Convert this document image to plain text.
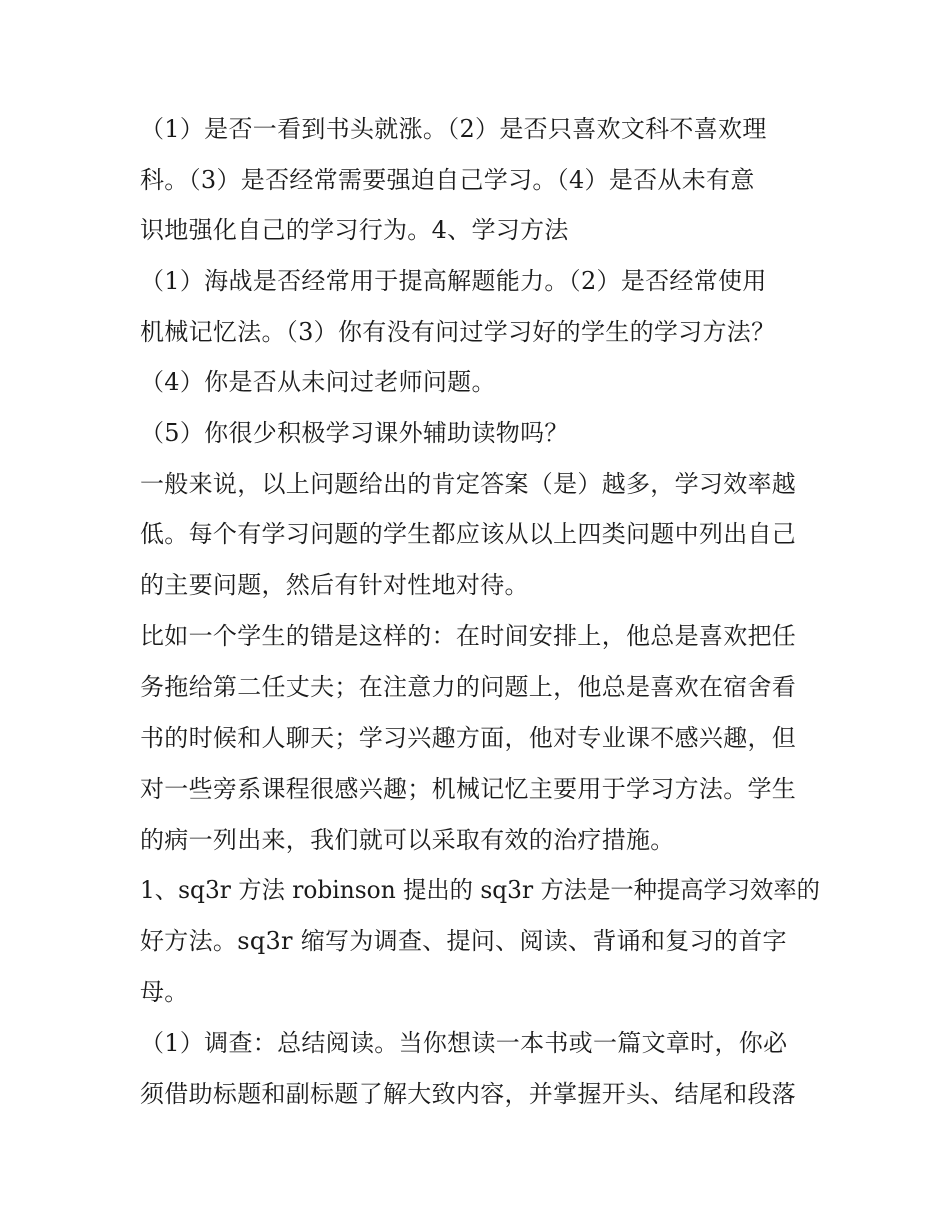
（1）是否一看到书头就涨。（2）是否只喜欢文科不喜欢理
科。（3）是否经常需要强迫自己学习。（4）是否从未有意
识地强化自己的学习行为。4、学习方法
（1）海战是否经常用于提高解题能力。（2）是否经常使用
机械记忆法。（3）你有没有问过学习好的学生的学习方法？
（4）你是否从未问过老师问题。
（5）你很少积极学习课外辅助读物吗？
一般来说，以上问题给出的肯定答案（是）越多，学习效率越
低。每个有学习问题的学生都应该从以上四类问题中列出自己
的主要问题，然后有针对性地对待。
比如一个学生的错是这样的：在时间安排上，他总是喜欢把任
务拖给第二任丈夫；在注意力的问题上，他总是喜欢在宿舍看
书的时候和人聊天；学习兴趣方面，他对专业课不感兴趣，但
对一些旁系课程很感兴趣；机械记忆主要用于学习方法。学生
的病一列出来，我们就可以采取有效的治疗措施。
1、sq3r 方法 robinson 提出的 sq3r 方法是一种提高学习效率的
好方法。sq3r 缩写为调查、提问、阅读、背诵和复习的首字
母。
（1）调查：总结阅读。当你想读一本书或一篇文章时，你必
须借助标题和副标题了解大致内容，并掌握开头、结尾和段落
